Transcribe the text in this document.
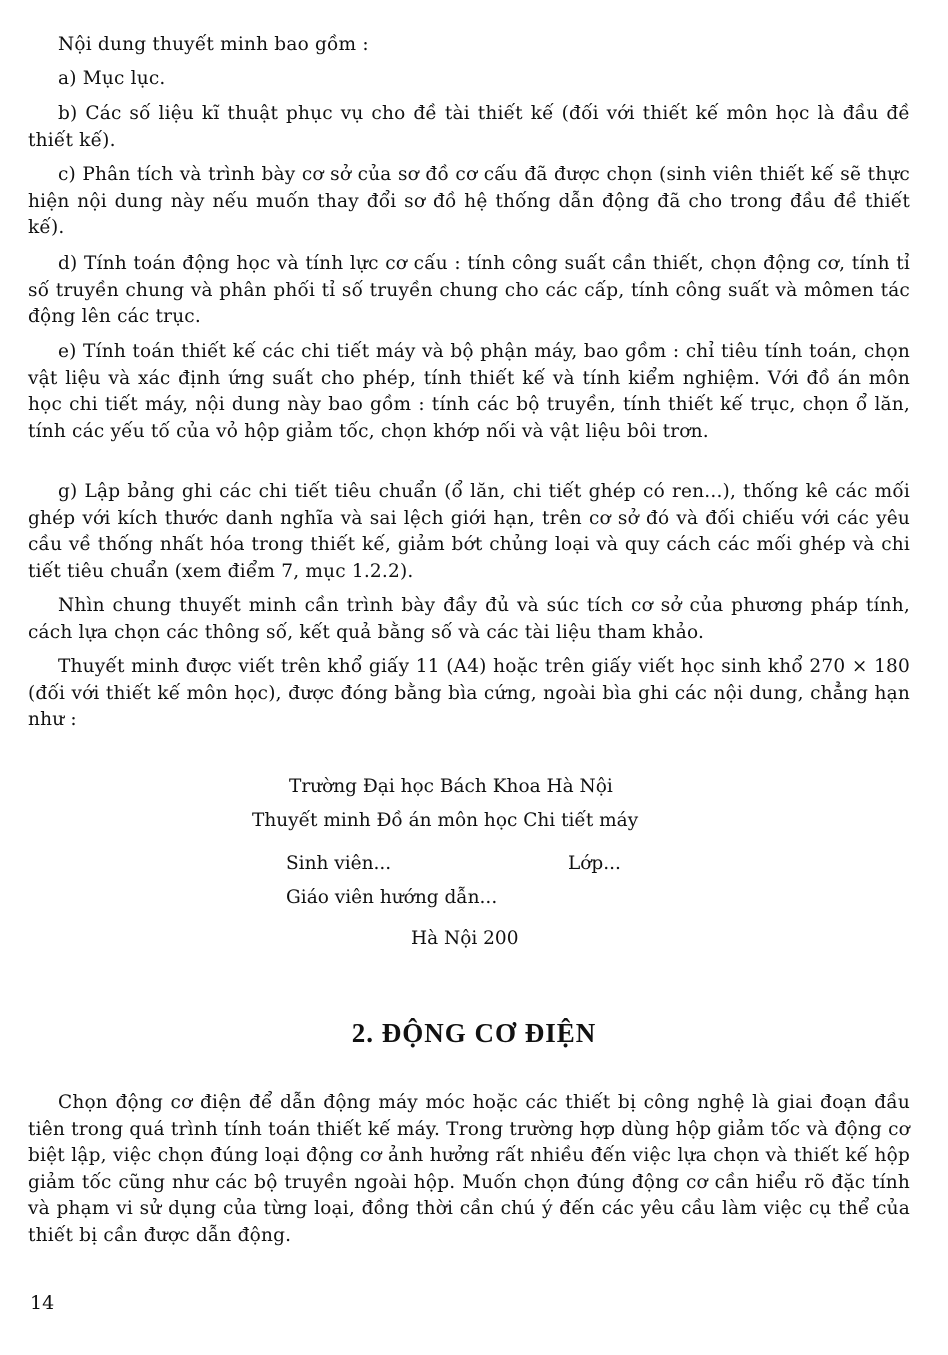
Nội dung thuyết minh bao gồm :

a) Mục lục.

b) Các số liệu kĩ thuật phục vụ cho đề tài thiết kế (đối với thiết kế môn học là đầu đề thiết kế).

c) Phân tích và trình bày cơ sở của sơ đồ cơ cấu đã được chọn (sinh viên thiết kế sẽ thực hiện nội dung này nếu muốn thay đổi sơ đồ hệ thống dẫn động đã cho trong đầu đề thiết kế).

d) Tính toán động học và tính lực cơ cấu : tính công suất cần thiết, chọn động cơ, tính tỉ số truyền chung và phân phối tỉ số truyền chung cho các cấp, tính công suất và mômen tác động lên các trục.

e) Tính toán thiết kế các chi tiết máy và bộ phận máy, bao gồm : chỉ tiêu tính toán, chọn vật liệu và xác định ứng suất cho phép, tính thiết kế và tính kiểm nghiệm. Với đồ án môn học chi tiết máy, nội dung này bao gồm : tính các bộ truyền, tính thiết kế trục, chọn ổ lăn, tính các yếu tố của vỏ hộp giảm tốc, chọn khớp nối và vật liệu bôi trơn.

g) Lập bảng ghi các chi tiết tiêu chuẩn (ổ lăn, chi tiết ghép có ren...), thống kê các mối ghép với kích thước danh nghĩa và sai lệch giới hạn, trên cơ sở đó và đối chiếu với các yêu cầu về thống nhất hóa trong thiết kế, giảm bớt chủng loại và quy cách các mối ghép và chi tiết tiêu chuẩn (xem điểm 7, mục 1.2.2).

Nhìn chung thuyết minh cần trình bày đầy đủ và súc tích cơ sở của phương pháp tính, cách lựa chọn các thông số, kết quả bằng số và các tài liệu tham khảo.

Thuyết minh được viết trên khổ giấy 11 (A4) hoặc trên giấy viết học sinh khổ 270 × 180 (đối với thiết kế môn học), được đóng bằng bìa cứng, ngoài bìa ghi các nội dung, chẳng hạn như :

Trường Đại học Bách Khoa Hà Nội
Thuyết minh Đồ án môn học Chi tiết máy
Sinh viên...	Lớp...
Giáo viên hướng dẫn...
Hà Nội 200
2. ĐỘNG CƠ ĐIỆN

Chọn động cơ điện để dẫn động máy móc hoặc các thiết bị công nghệ là giai đoạn đầu tiên trong quá trình tính toán thiết kế máy. Trong trường hợp dùng hộp giảm tốc và động cơ biệt lập, việc chọn đúng loại động cơ ảnh hưởng rất nhiều đến việc lựa chọn và thiết kế hộp giảm tốc cũng như các bộ truyền ngoài hộp. Muốn chọn đúng động cơ cần hiểu rõ đặc tính và phạm vi sử dụng của từng loại, đồng thời cần chú ý đến các yêu cầu làm việc cụ thể của thiết bị cần được dẫn động.

14
